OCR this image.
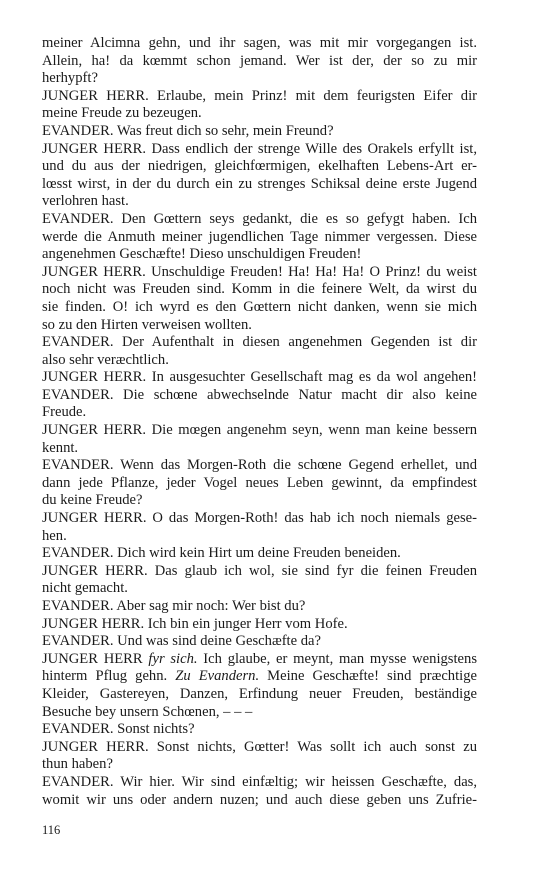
meiner Alcimna gehn, und ihr sagen, was mit mir vorgegangen ist.
Allein, ha! da kœmmt schon jemand. Wer ist der, der so zu mir
herhypft?
JUNGER HERR. Erlaube, mein Prinz! mit dem feurigsten Eifer dir
meine Freude zu bezeugen.
EVANDER. Was freut dich so sehr, mein Freund?
JUNGER HERR. Dass endlich der strenge Wille des Orakels erfyllt ist,
und du aus der niedrigen, gleichfœrmigen, ekelhaften Lebens-Art er-
lœsst wirst, in der du durch ein zu strenges Schiksal deine erste Jugend
verlohren hast.
EVANDER. Den Gœttern seys gedankt, die es so gefygt haben. Ich
werde die Anmuth meiner jugendlichen Tage nimmer vergessen. Diese
angenehmen Geschæfte! Dieso unschuldigen Freuden!
JUNGER HERR. Unschuldige Freuden! Ha! Ha! Ha! O Prinz! du weist
noch nicht was Freuden sind. Komm in die feinere Welt, da wirst du
sie finden. O! ich wyrd es den Gœttern nicht danken, wenn sie mich
so zu den Hirten verweisen wollten.
EVANDER. Der Aufenthalt in diesen angenehmen Gegenden ist dir
also sehr veræchtlich.
JUNGER HERR. In ausgesuchter Gesellschaft mag es da wol angehen!
EVANDER. Die schœne abwechselnde Natur macht dir also keine
Freude.
JUNGER HERR. Die mœgen angenehm seyn, wenn man keine bessern
kennt.
EVANDER. Wenn das Morgen-Roth die schœne Gegend erhellet, und
dann jede Pflanze, jeder Vogel neues Leben gewinnt, da empfindest
du keine Freude?
JUNGER HERR. O das Morgen-Roth! das hab ich noch niemals gese-
hen.
EVANDER. Dich wird kein Hirt um deine Freuden beneiden.
JUNGER HERR. Das glaub ich wol, sie sind fyr die feinen Freuden
nicht gemacht.
EVANDER. Aber sag mir noch: Wer bist du?
JUNGER HERR. Ich bin ein junger Herr vom Hofe.
EVANDER. Und was sind deine Geschæfte da?
JUNGER HERR fyr sich. Ich glaube, er meynt, man mysse wenigstens
hinterm Pflug gehn. Zu Evandern. Meine Geschæfte! sind præchtige
Kleider, Gastereyen, Danzen, Erfindung neuer Freuden, beständige
Besuche bey unsern Schœnen, – – –
EVANDER. Sonst nichts?
JUNGER HERR. Sonst nichts, Gœtter! Was sollt ich auch sonst zu
thun haben?
EVANDER. Wir hier. Wir sind einfæltig; wir heissen Geschæfte, das,
womit wir uns oder andern nuzen; und auch diese geben uns Zufrie-
116
